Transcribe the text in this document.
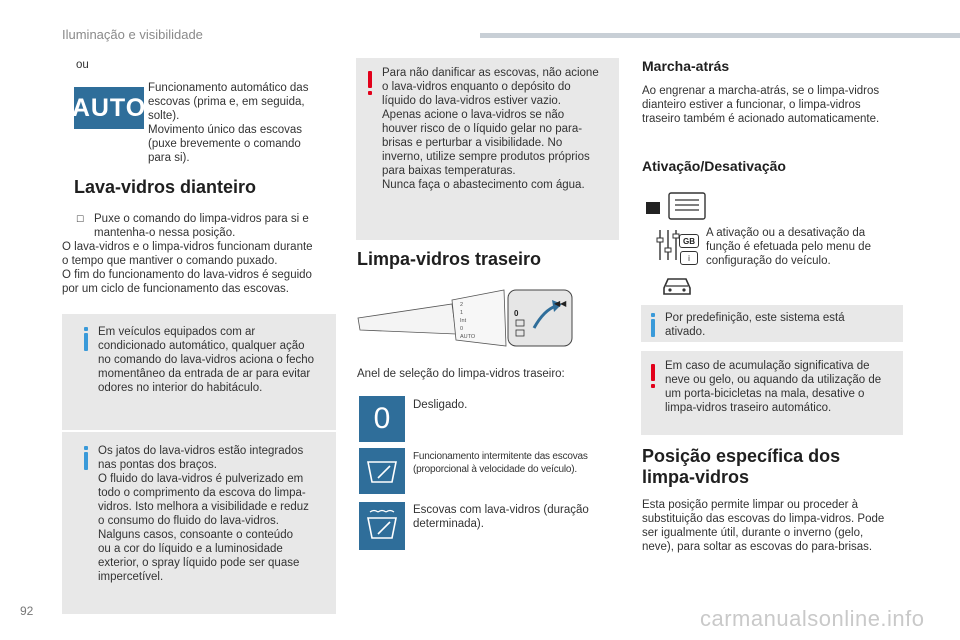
Iluminação e visibilidade
ou
AUTO
Funcionamento automático das
escovas (prima e, em seguida,
solte).
Movimento único das escovas
(puxe brevemente o comando
para si).
Lava-vidros dianteiro
☐ Puxe o comando do limpa-vidros para si e
mantenha-o nessa posição.
O lava-vidros e o limpa-vidros funcionam durante
o tempo que mantiver o comando puxado.
O fim do funcionamento do lava-vidros é seguido
por um ciclo de funcionamento das escovas.
Em veículos equipados com ar
condicionado automático, qualquer ação
no comando do lava-vidros aciona o fecho
momentâneo da entrada de ar para evitar
odores no interior do habitáculo.
Os jatos do lava-vidros estão integrados
nas pontas dos braços.
O fluido do lava-vidros é pulverizado em
todo o comprimento da escova do limpa-
vidros. Isto melhora a visibilidade e reduz
o consumo do fluido do lava-vidros.
Nalguns casos, consoante o conteúdo
ou a cor do líquido e a luminosidade
exterior, o spray líquido pode ser quase
impercetível.
Para não danificar as escovas, não acione
o lava-vidros enquanto o depósito do
líquido do lava-vidros estiver vazio.
Apenas acione o lava-vidros se não
houver risco de o líquido gelar no para-
brisas e perturbar a visibilidade. No
inverno, utilize sempre produtos próprios
para baixas temperaturas.
Nunca faça o abastecimento com água.
Limpa-vidros traseiro
2
1
Int
0
AUTO
0
◀◀
Anel de seleção do limpa-vidros traseiro:
0 Desligado.
Funcionamento intermitente das escovas
(proporcional à velocidade do veículo).
Escovas com lava-vidros (duração
determinada).
Marcha-atrás
Ao engrenar a marcha-atrás, se o limpa-vidros
dianteiro estiver a funcionar, o limpa-vidros
traseiro também é acionado automaticamente.
Ativação/Desativação
GB
i
A ativação ou a desativação da
função é efetuada pelo menu de
configuração do veículo.
Por predefinição, este sistema está
ativado.
Em caso de acumulação significativa de
neve ou gelo, ou aquando da utilização de
um porta-bicicletas na mala, desative o
limpa-vidros traseiro automático.
Posição específica dos
limpa-vidros
Esta posição permite limpar ou proceder à
substituição das escovas do limpa-vidros. Pode
ser igualmente útil, durante o inverno (gelo,
neve), para soltar as escovas do para-brisas.
92	carmanualsonline.info
